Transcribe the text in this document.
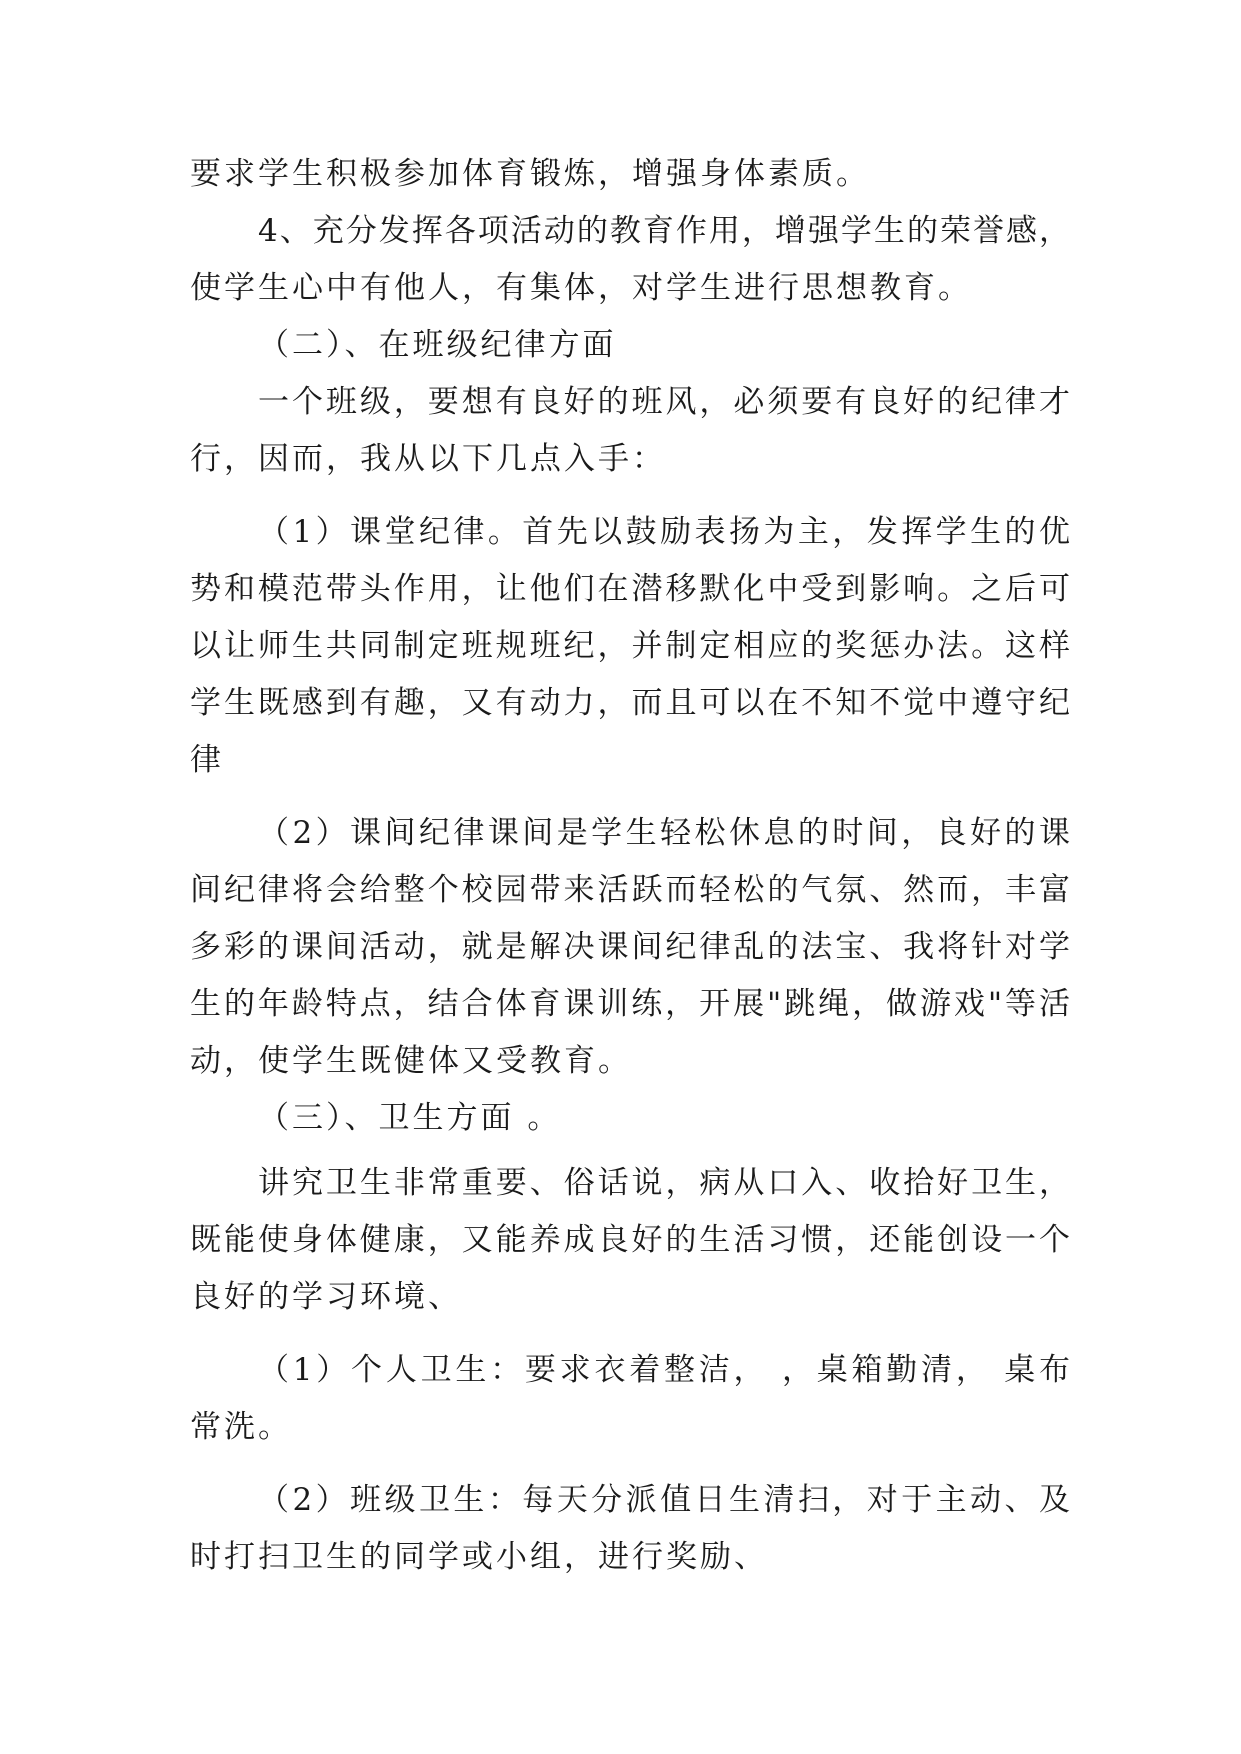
要求学生积极参加体育锻炼，增强身体素质。
4、充分发挥各项活动的教育作用，增强学生的荣誉感，
使学生心中有他人，有集体，对学生进行思想教育。
（二）、在班级纪律方面
一个班级，要想有良好的班风，必须要有良好的纪律才
行，因而，我从以下几点入手：
（1）课堂纪律。首先以鼓励表扬为主，发挥学生的优
势和模范带头作用，让他们在潜移默化中受到影响。之后可
以让师生共同制定班规班纪，并制定相应的奖惩办法。这样
学生既感到有趣，又有动力，而且可以在不知不觉中遵守纪
律
（2）课间纪律课间是学生轻松休息的时间，良好的课
间纪律将会给整个校园带来活跃而轻松的气氛、然而，丰富
多彩的课间活动，就是解决课间纪律乱的法宝、我将针对学
生的年龄特点，结合体育课训练，开展"跳绳，做游戏"等活
动，使学生既健体又受教育。
（三）、卫生方面 。
讲究卫生非常重要、俗话说，病从口入、收拾好卫生，
既能使身体健康，又能养成良好的生活习惯，还能创设一个
良好的学习环境、
（1）个人卫生：要求衣着整洁， ，桌箱勤清， 桌布
常洗。
（2）班级卫生：每天分派值日生清扫，对于主动、及
时打扫卫生的同学或小组，进行奖励、
